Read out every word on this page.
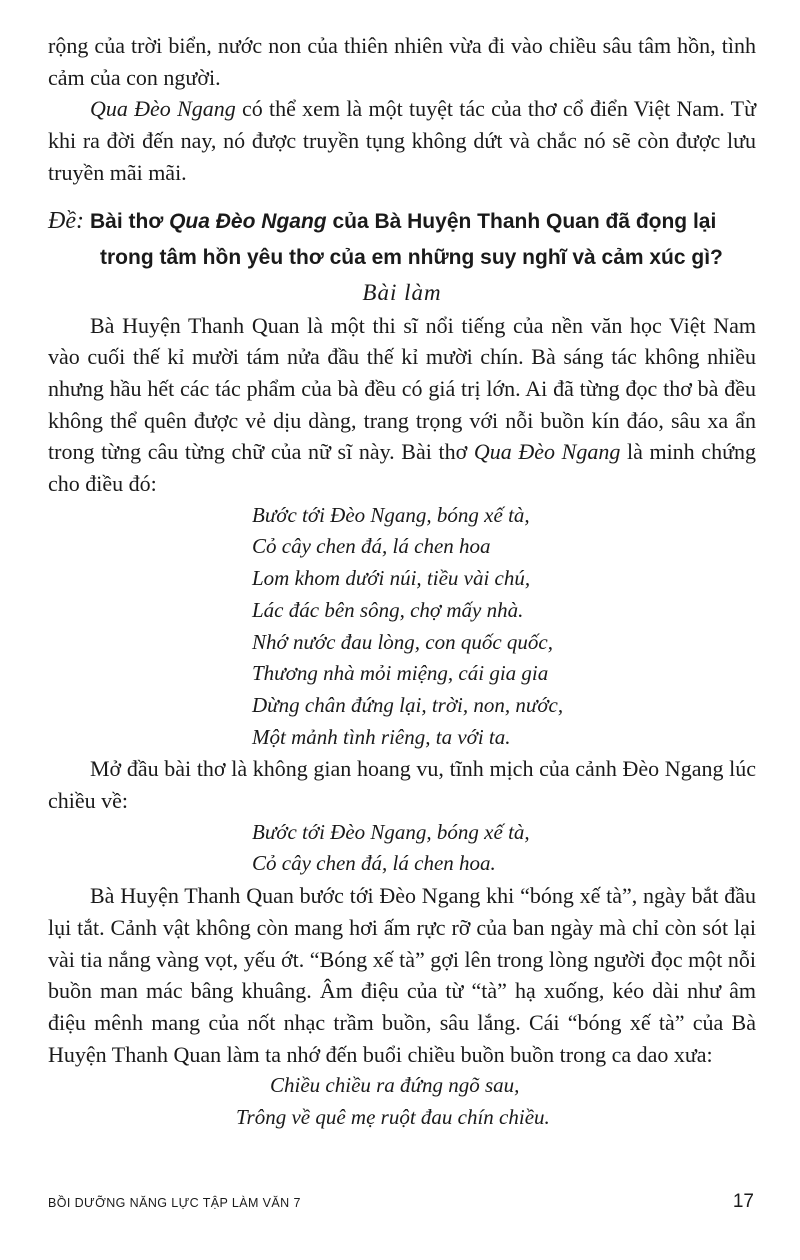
rộng của trời biển, nước non của thiên nhiên vừa đi vào chiều sâu tâm hồn, tình cảm của con người.

Qua Đèo Ngang có thể xem là một tuyệt tác của thơ cổ điển Việt Nam. Từ khi ra đời đến nay, nó được truyền tụng không dứt và chắc nó sẽ còn được lưu truyền mãi mãi.

Đề: Bài thơ Qua Đèo Ngang của Bà Huyện Thanh Quan đã đọng lại
trong tâm hồn yêu thơ của em những suy nghĩ và cảm xúc gì?

Bài làm

Bà Huyện Thanh Quan là một thi sĩ nổi tiếng của nền văn học Việt Nam vào cuối thế kỉ mười tám nửa đầu thế kỉ mười chín. Bà sáng tác không nhiều nhưng hầu hết các tác phẩm của bà đều có giá trị lớn. Ai đã từng đọc thơ bà đều không thể quên được vẻ dịu dàng, trang trọng với nỗi buồn kín đáo, sâu xa ẩn trong từng câu từng chữ của nữ sĩ này. Bài thơ Qua Đèo Ngang là minh chứng cho điều đó:

Bước tới Đèo Ngang, bóng xế tà,
Cỏ cây chen đá, lá chen hoa
Lom khom dưới núi, tiều vài chú,
Lác đác bên sông, chợ mấy nhà.
Nhớ nước đau lòng, con quốc quốc,
Thương nhà mỏi miệng, cái gia gia
Dừng chân đứng lại, trời, non, nước,
Một mảnh tình riêng, ta với ta.

Mở đầu bài thơ là không gian hoang vu, tĩnh mịch của cảnh Đèo Ngang lúc chiều về:

Bước tới Đèo Ngang, bóng xế tà,
Cỏ cây chen đá, lá chen hoa.

Bà Huyện Thanh Quan bước tới Đèo Ngang khi “bóng xế tà”, ngày bắt đầu lụi tắt. Cảnh vật không còn mang hơi ấm rực rỡ của ban ngày mà chỉ còn sót lại vài tia nắng vàng vọt, yếu ớt. “Bóng xế tà” gợi lên trong lòng người đọc một nỗi buồn man mác bâng khuâng. Âm điệu của từ “tà” hạ xuống, kéo dài như âm điệu mênh mang của nốt nhạc trầm buồn, sâu lắng. Cái “bóng xế tà” của Bà Huyện Thanh Quan làm ta nhớ đến buổi chiều buồn buồn trong ca dao xưa:

Chiều chiều ra đứng ngõ sau,
Trông về quê mẹ ruột đau chín chiều.
BỒI DƯỠNG NĂNG LỰC TẬP LÀM VĂN 7	17
